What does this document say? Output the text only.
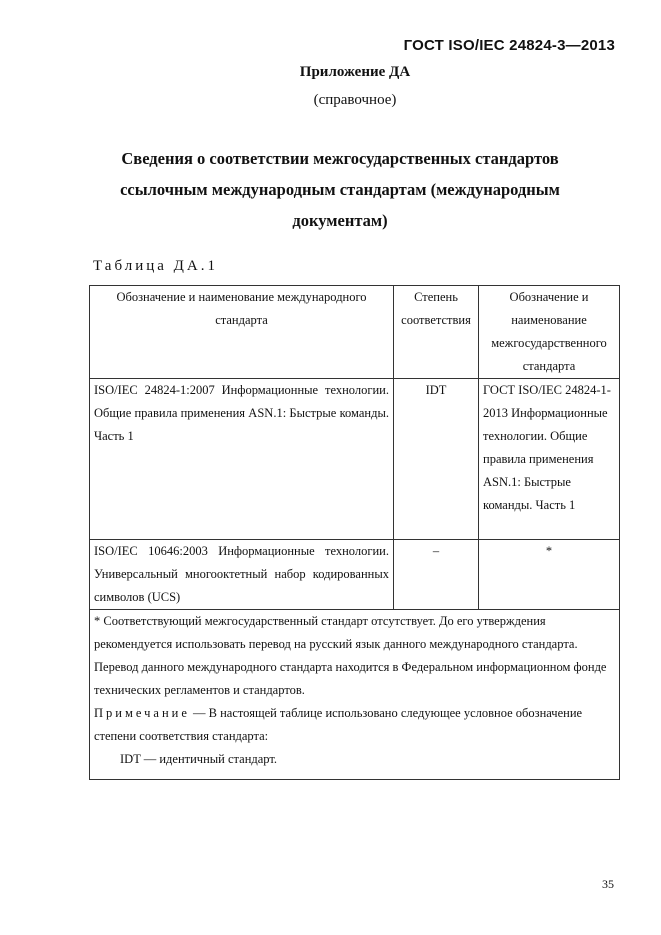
ГОСТ ISO/IEC 24824-3—2013
Приложение ДА
(справочное)
Сведения о соответствии межгосударственных стандартов
ссылочным международным стандартам (международным
документам)
Таблица ДА.1
Обозначение и наименование международного стандарта	Степень соответствия	Обозначение и наименование межгосударственного стандарта
ISO/IEC 24824-1:2007 Информационные технологии. Общие правила применения ASN.1: Быстрые команды. Часть 1	IDT	ГОСТ ISO/IEC 24824-1-2013 Информационные технологии. Общие правила применения ASN.1: Быстрые команды. Часть 1
ISO/IEC 10646:2003 Информационные технологии. Универсальный многооктетный набор кодированных символов (UCS)	–	*

* Соответствующий межгосударственный стандарт отсутствует. До его утверждения рекомендуется использовать перевод на русский язык данного международного стандарта. Перевод данного международного стандарта находится в Федеральном информационном фонде технических регламентов и стандартов.
Примечание — В настоящей таблице использовано следующее условное обозначение степени соответствия стандарта:
IDT — идентичный стандарт.		
35
